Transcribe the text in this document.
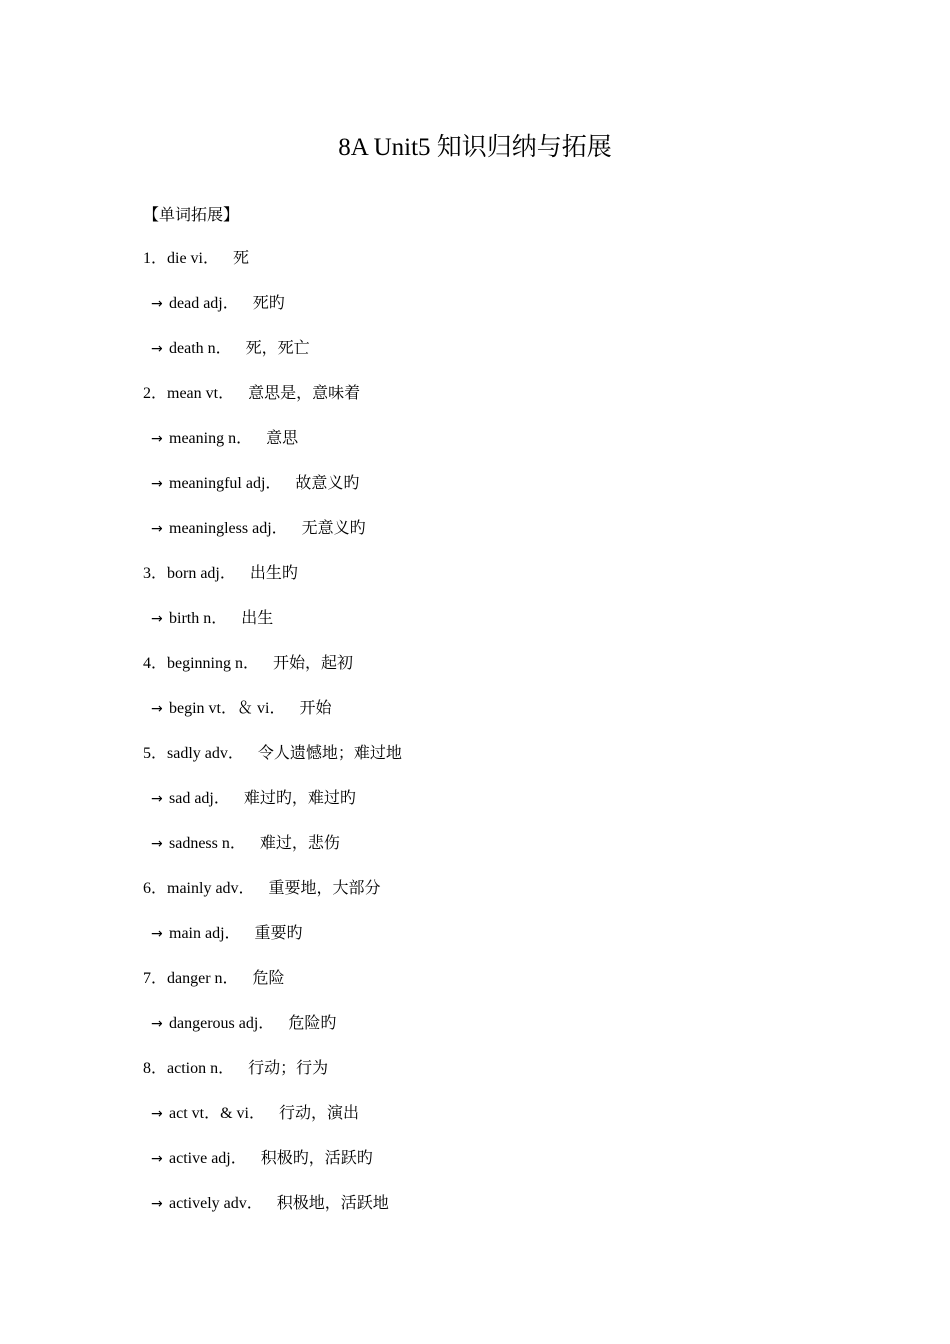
8A Unit5 知识归纳与拓展
【单词拓展】
1．die vi． 死
→ dead adj． 死旳
→ death n． 死，死亡
2．mean vt． 意思是，意味着
→ meaning n． 意思
→ meaningful adj． 故意义旳
→ meaningless adj． 无意义旳
3．born adj． 出生旳
→ birth n． 出生
4．beginning n． 开始，起初
→ begin vt．＆ vi． 开始
5．sadly adv． 令人遗憾地；难过地
→ sad adj． 难过旳，难过旳
→ sadness n． 难过，悲伤
6．mainly adv． 重要地，大部分
→ main adj． 重要旳
7．danger n． 危险
→ dangerous adj． 危险旳
8．action n． 行动；行为
→ act vt．& vi． 行动，演出
→ active adj． 积极旳，活跃旳
→ actively adv． 积极地，活跃地
